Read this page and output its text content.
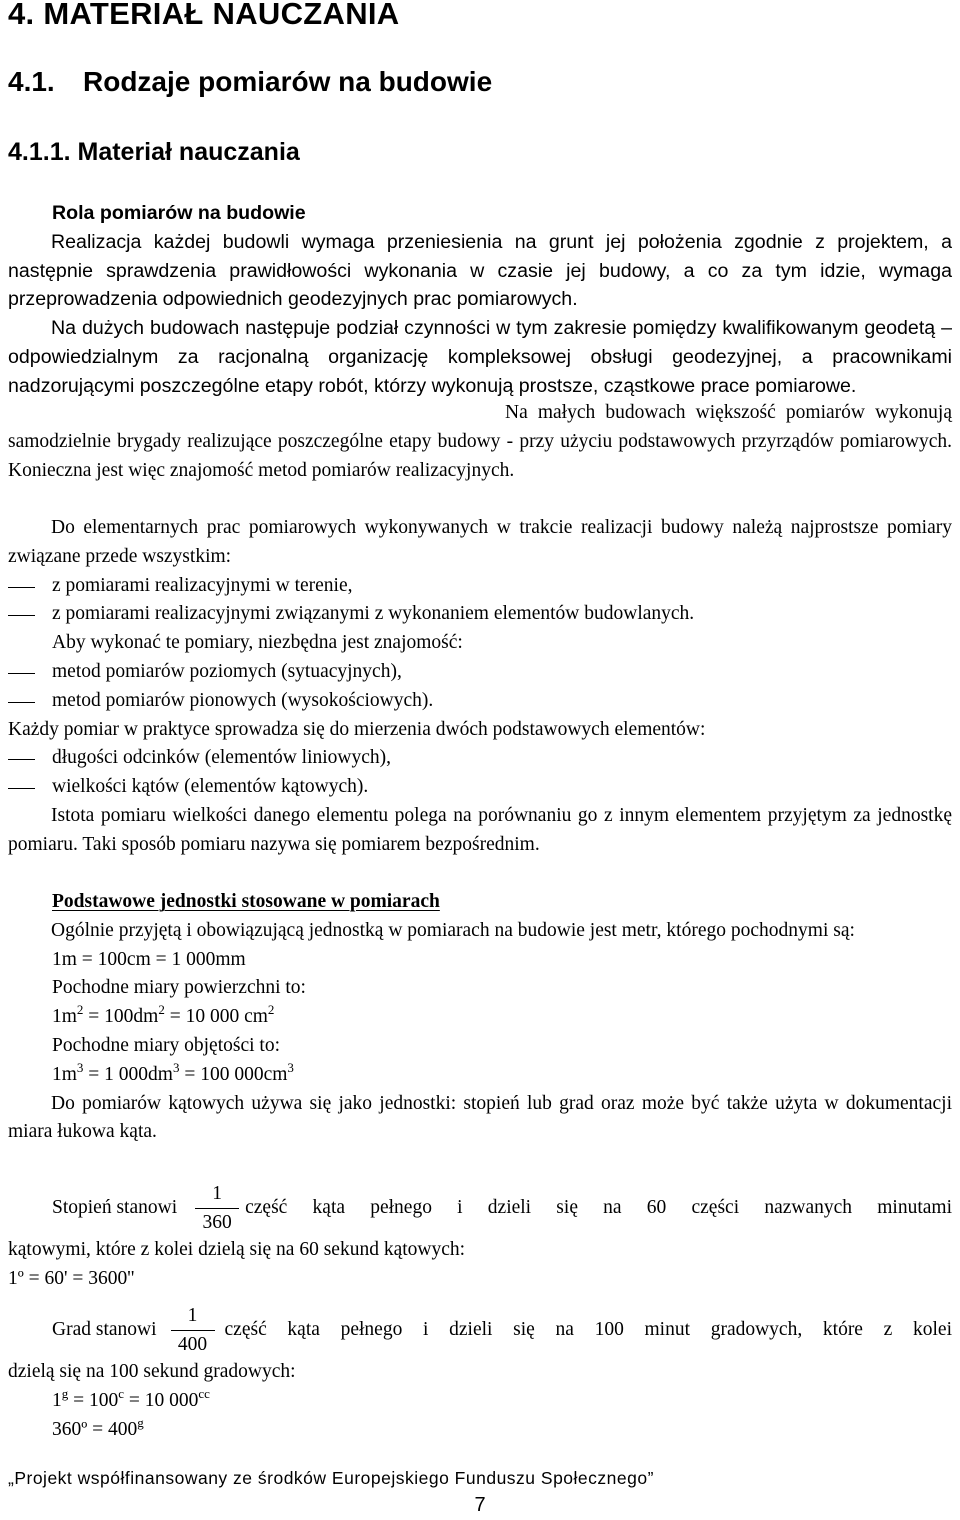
4. MATERIAŁ NAUCZANIA
4.1. Rodzaje pomiarów na budowie
4.1.1. Materiał nauczania
Rola pomiarów na budowie

Realizacja każdej budowli wymaga przeniesienia na grunt jej położenia zgodnie z projektem, a następnie sprawdzenia prawidłowości wykonania w czasie jej budowy, a co za tym idzie, wymaga przeprowadzenia odpowiednich geodezyjnych prac pomiarowych.

Na dużych budowach następuje podział czynności w tym zakresie pomiędzy kwalifikowanym geodetą – odpowiedzialnym za racjonalną organizację kompleksowej obsługi geodezyjnej, a pracownikami nadzorującymi poszczególne etapy robót, którzy wykonują prostsze, cząstkowe prace pomiarowe.

Na małych budowach większość pomiarów wykonują samodzielnie brygady realizujące poszczególne etapy budowy - przy użyciu podstawowych przyrządów pomiarowych. Konieczna jest więc znajomość metod pomiarów realizacyjnych.

Do elementarnych prac pomiarowych wykonywanych w trakcie realizacji budowy należą najprostsze pomiary związane przede wszystkim:

z pomiarami realizacyjnymi w terenie,
z pomiarami realizacyjnymi związanymi z wykonaniem elementów budowlanych.
Aby wykonać te pomiary, niezbędna jest znajomość:
metod pomiarów poziomych (sytuacyjnych),
metod pomiarów pionowych (wysokościowych).
Każdy pomiar w praktyce sprowadza się do mierzenia dwóch podstawowych elementów:
długości odcinków (elementów liniowych),
wielkości kątów (elementów kątowych).

Istota pomiaru wielkości danego elementu polega na porównaniu go z innym elementem przyjętym za jednostkę pomiaru. Taki sposób pomiaru nazywa się pomiarem bezpośrednim.

Podstawowe jednostki stosowane w pomiarach

Ogólnie przyjętą i obowiązującą jednostką w pomiarach na budowie jest metr, którego pochodnymi są:

1m = 100cm = 1 000mm
Pochodne miary powierzchni to:
$1m^2 = 100dm^2 = 10$ 000 $cm^2$
Pochodne miary objętości to:
$1m^3 = 1$ $000dm^3 = 100$ $000cm^3$

Do pomiarów kątowych używa się jako jednostki: stopień lub grad oraz może być także użyta w dokumentacji miara łukowa kąta.

Stopień stanowi $\frac{1}{360}$ część kąta pełnego i dzieli się na 60 części nazwanych minutami
kątowymi, które z kolei dzielą się na 60 sekund kątowych:
1º = 60' = 3600''
Grad stanowi $\frac{1}{400}$ część kąta pełnego i dzieli się na 100 minut gradowych, które z kolei
dzielą się na 100 sekund gradowych:
$1^g = 100^c = 10$ $000^{cc}$
360º = $400^g$
„Projekt współfinansowany ze środków Europejskiego Funduszu Społecznego”
7
